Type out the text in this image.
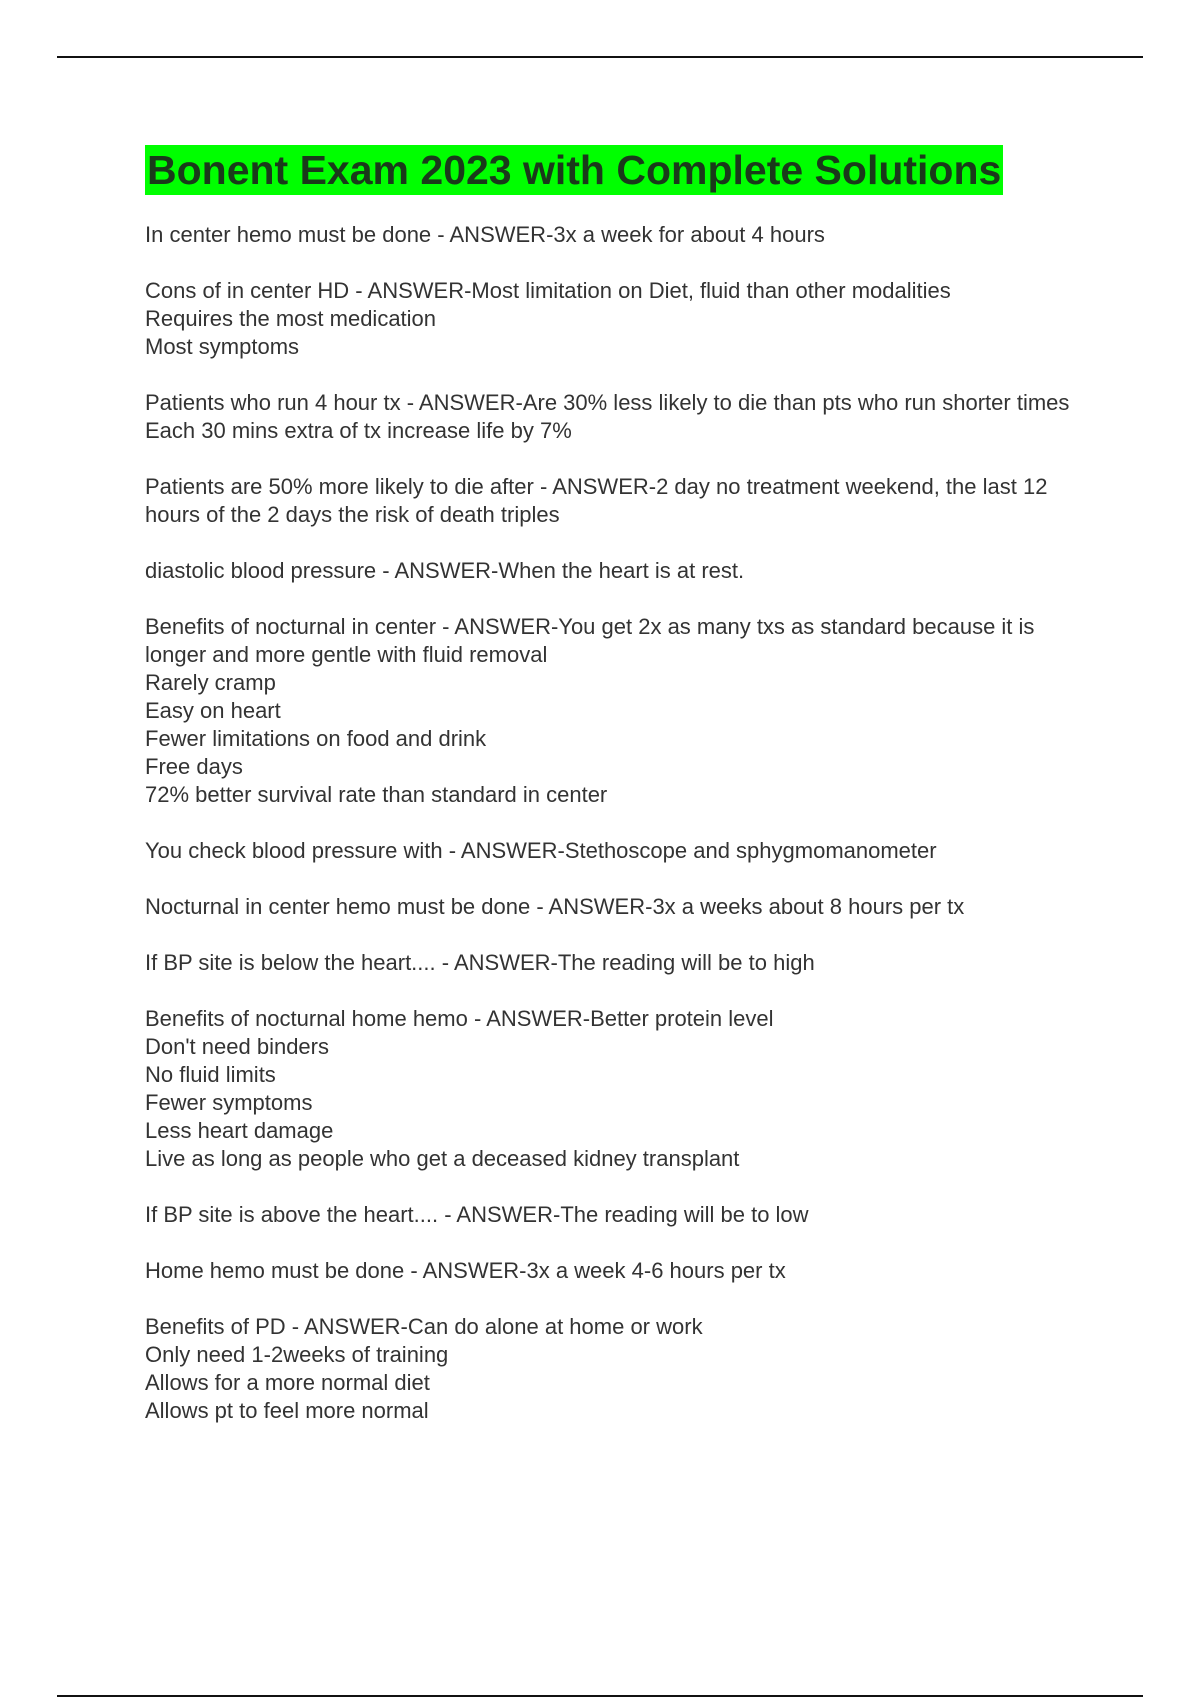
Bonent Exam 2023 with Complete Solutions
In center hemo must be done - ANSWER-3x a week for about 4 hours
Cons of in center HD - ANSWER-Most limitation on Diet, fluid than other modalities
Requires the most medication
Most symptoms
Patients who run 4 hour tx - ANSWER-Are 30% less likely to die than pts who run shorter times
Each 30 mins extra of tx increase life by 7%
Patients are 50% more likely to die after - ANSWER-2 day no treatment weekend, the last 12 hours of the 2 days the risk of death triples
diastolic blood pressure - ANSWER-When the heart is at rest.
Benefits of nocturnal in center - ANSWER-You get 2x as many txs as standard because it is longer and more gentle with fluid removal
Rarely cramp
Easy on heart
Fewer limitations on food and drink
Free days
72% better survival rate than standard in center
You check blood pressure with - ANSWER-Stethoscope and sphygmomanometer
Nocturnal in center hemo must be done - ANSWER-3x a weeks about 8 hours per tx
If BP site is below the heart.... - ANSWER-The reading will be to high
Benefits of nocturnal home hemo - ANSWER-Better protein level
Don't need binders
No fluid limits
Fewer symptoms
Less heart damage
Live as long as people who get a deceased kidney transplant
If BP site is above the heart.... - ANSWER-The reading will be to low
Home hemo must be done - ANSWER-3x a week 4-6 hours per tx
Benefits of PD - ANSWER-Can do alone at home or work
Only need 1-2weeks of training
Allows for a more normal diet
Allows pt to feel more normal
